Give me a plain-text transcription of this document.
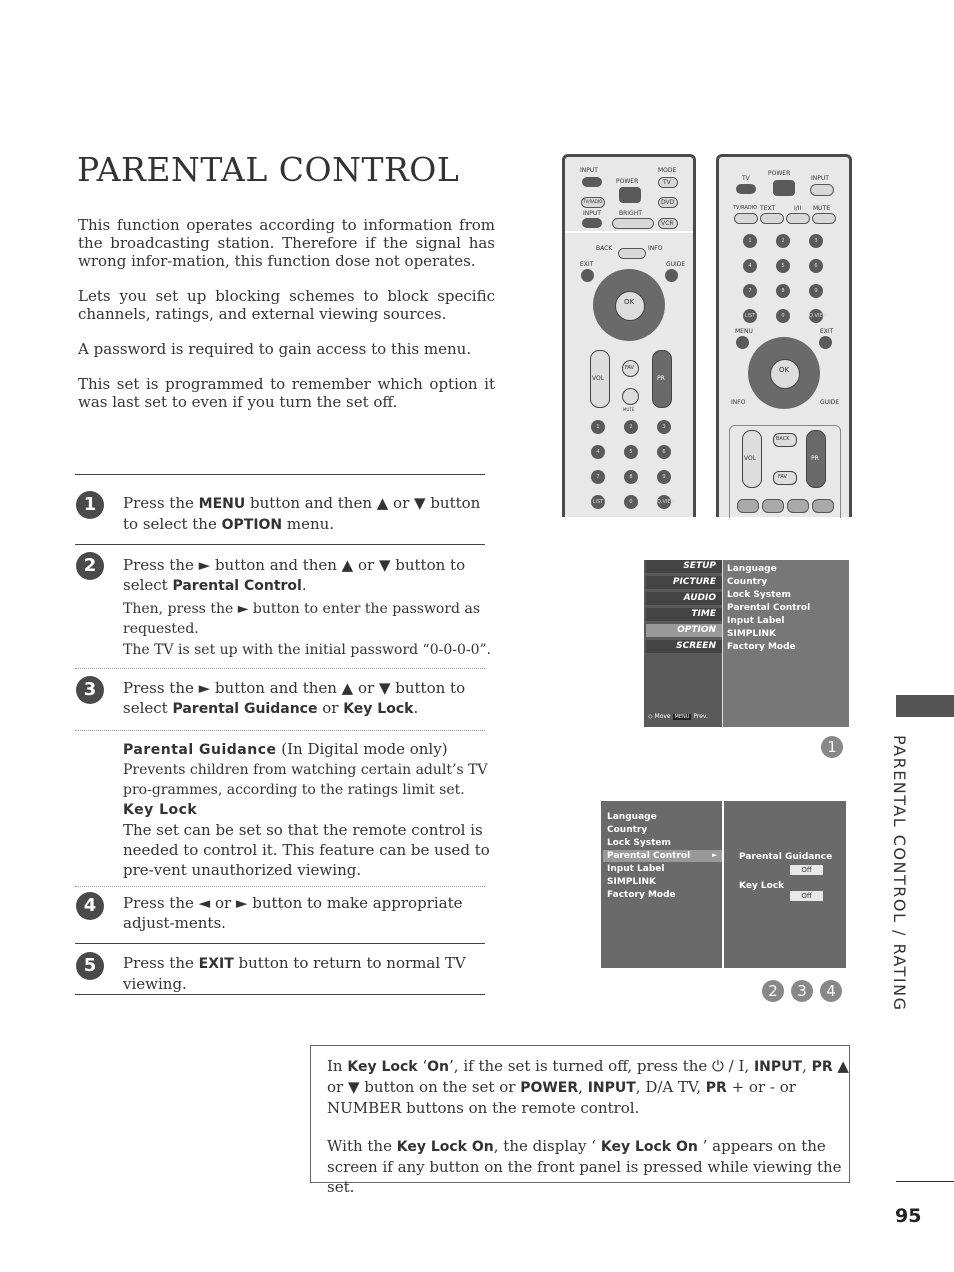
PARENTAL CONTROL
This function operates according to information from the broadcasting station. Therefore if the signal has wrong infor-mation, this function dose not operates.
Lets you set up blocking schemes to block specific channels, ratings, and external viewing sources.
A password is required to gain access to this menu.
This set is programmed to remember which option it was last set to even if you turn the set off.
1	Press the MENU button and then ▲ or ▼ button to select the OPTION menu.
2	Press the ► button and then ▲ or ▼ button to select Parental Control.
Then, press the ► button to enter the password as requested.
The TV is set up with the initial password “0-0-0-0”.
3	Press the ► button and then ▲ or ▼ button to select Parental Guidance or Key Lock.
Parental Guidance (In Digital mode only)
Prevents children from watching certain adult’s TV pro-grammes, according to the ratings limit set.
Key Lock
The set can be set so that the remote control is needed to control it. This feature can be used to pre-vent unauthorized viewing.
4	Press the ◄ or ► button to make appropriate adjust-ments.
5	Press the EXIT button to return to normal TV viewing.
INPUT	MODE
POWER	TV
TV/RADIO	DVD
INPUT	BRIGHT
VCR
BACK	INFO
EXIT	GUIDE
OK
VOL	PR
FAV
MUTE
1	2	3
4	5	6
7	8	9
LIST	0	Q.VIEW
TV
POWER
INPUT
TV/RADIO TEXT	I/II MUTE
MENU	EXIT
OK
INFO	GUIDE
VOL
BACK
PR
FAV
1	2	3
4	5	6
7	8	9
LIST	0	Q.VIEW
SETUP
PICTURE
AUDIO
TIME
OPTION
SCREEN
◇ Move MENU Prev.
Language
Country
Lock System
Parental Control
Input Label
SIMPLINK
Factory Mode
1
Language
Country
Lock System
Parental Control	►
Input Label
SIMPLINK
Factory Mode
Parental Guidance
Off
Key Lock
Off
2	3	4	PARENTAL CONTROL / RATING

In Key Lock ‘On’, if the set is turned off, press the ⏻ / I, INPUT, PR ▲ or ▼ button on the set or POWER, INPUT, D/A TV, PR + or - or NUMBER buttons on the remote control.

With the Key Lock On, the display ‘ Key Lock On ’ appears on the screen if any button on the front panel is pressed while viewing the set.

95
